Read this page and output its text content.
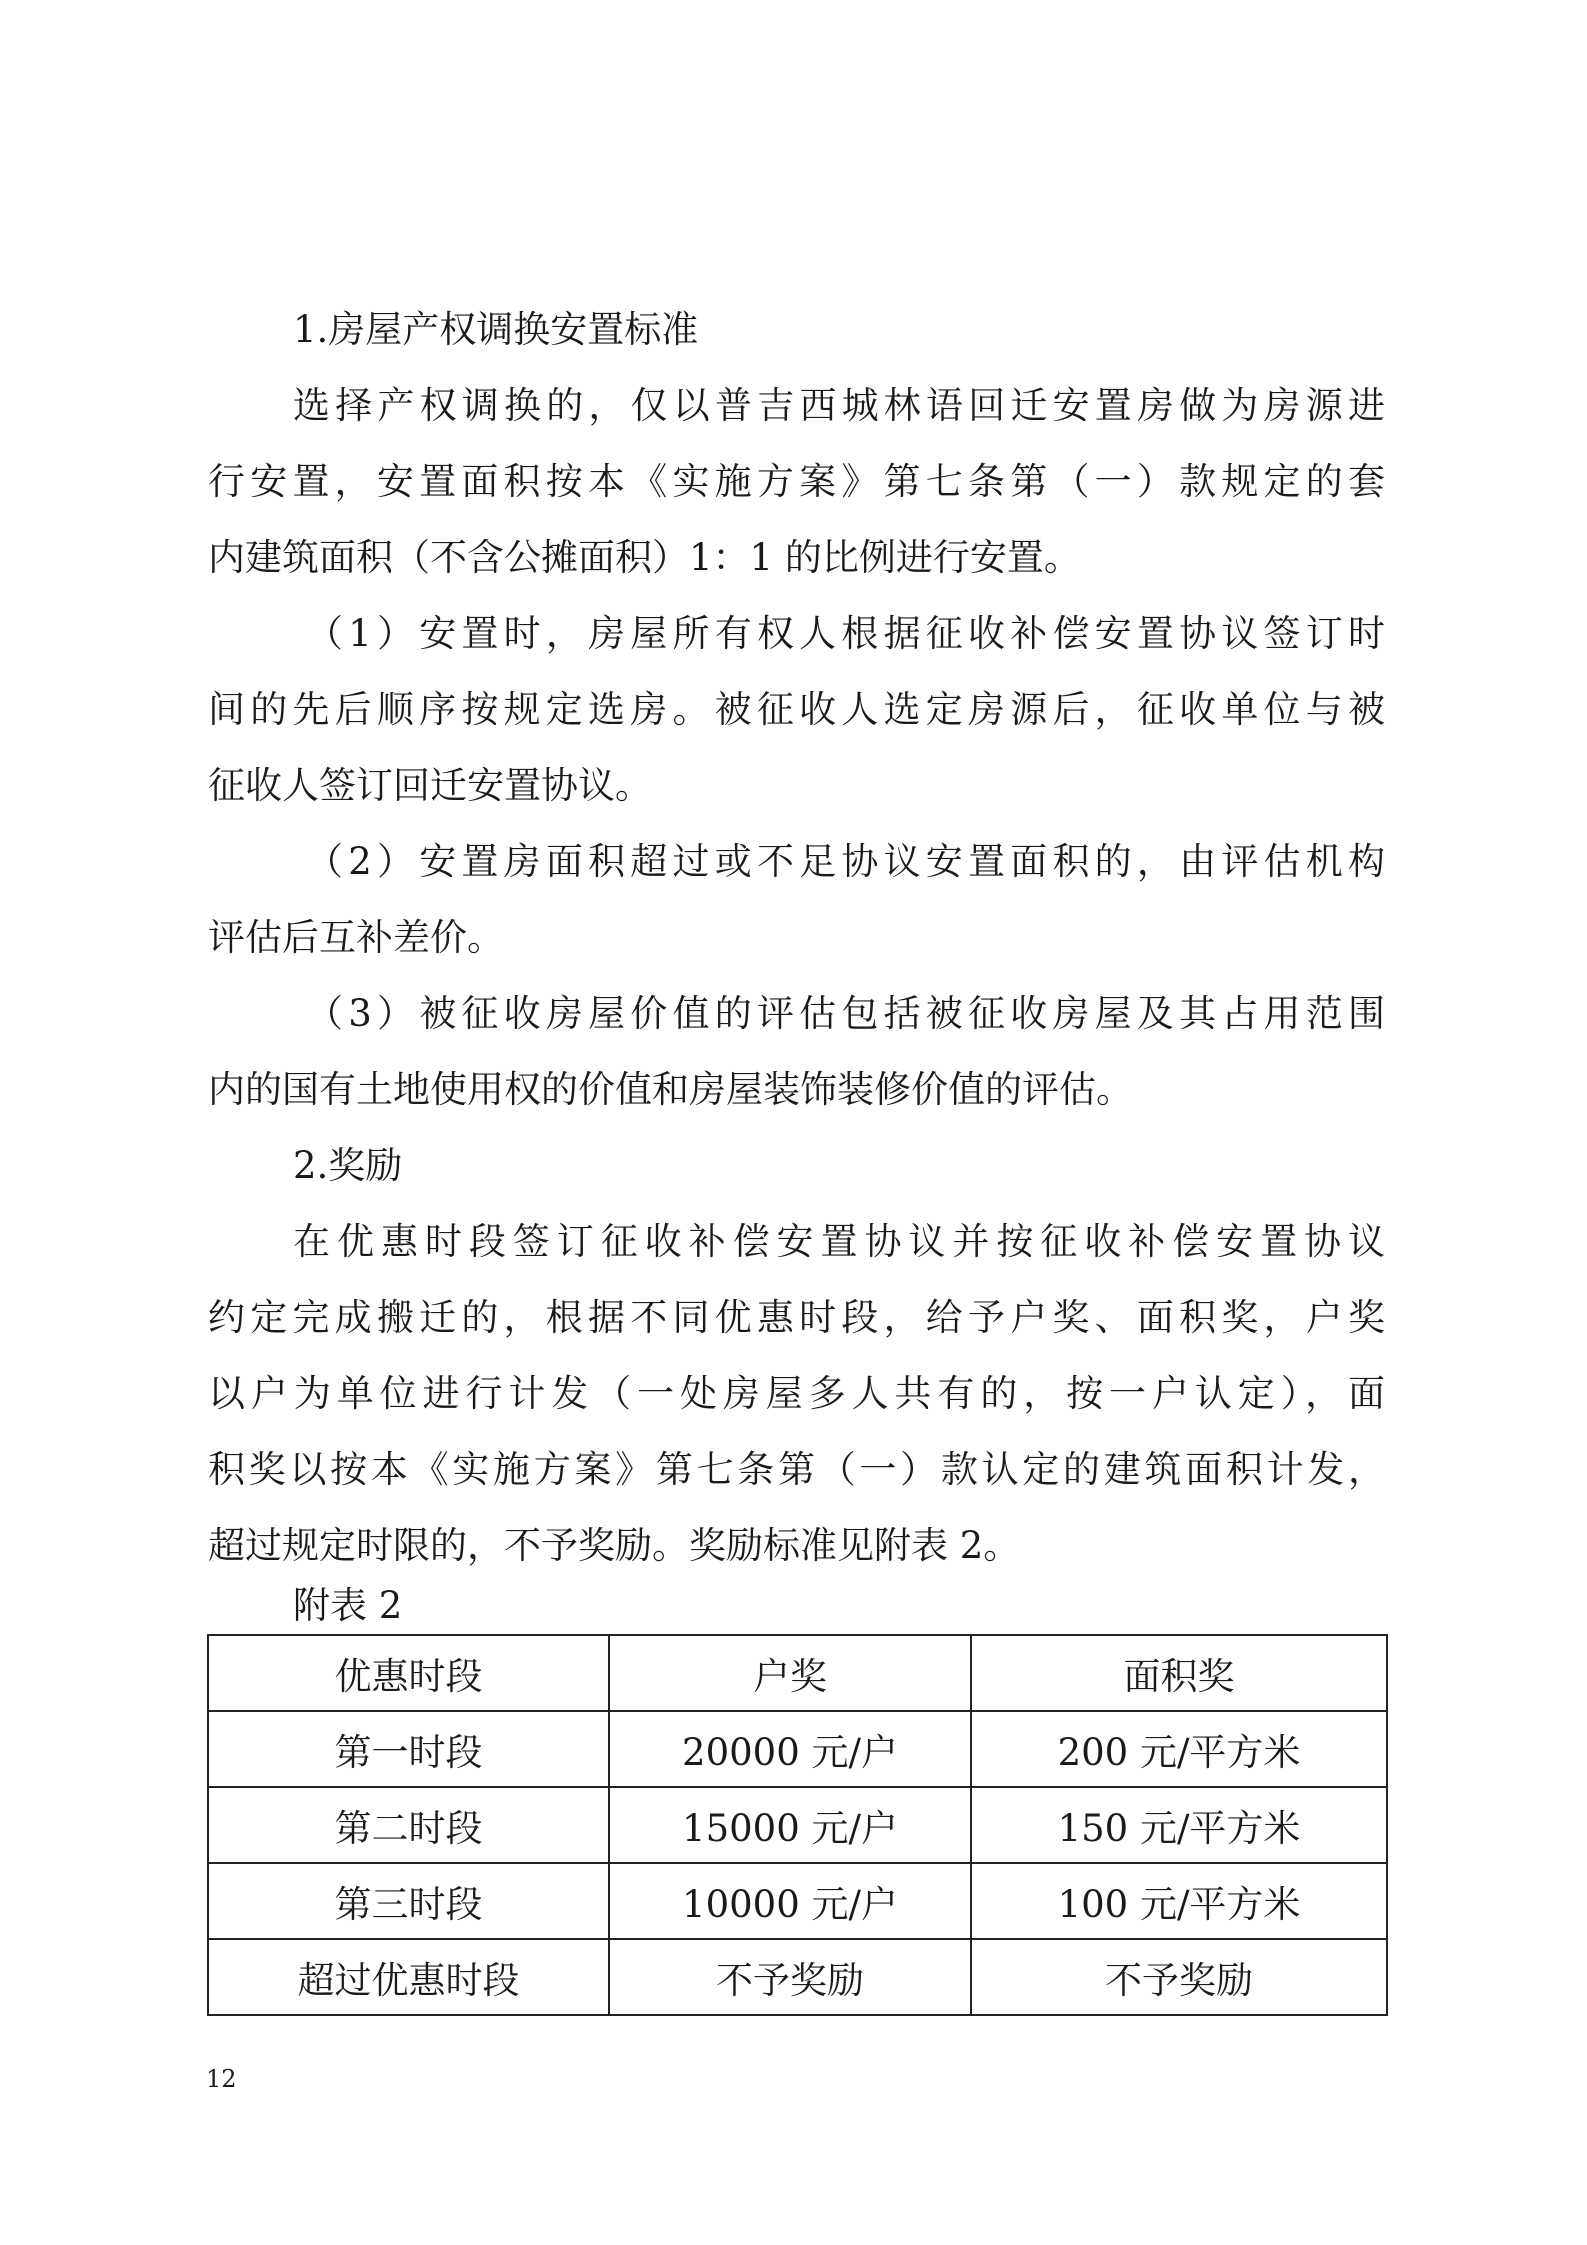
1.房屋产权调换安置标准
选择产权调换的，仅以普吉西城林语回迁安置房做为房源进
行安置，安置面积按本《实施方案》第七条第（一）款规定的套
内建筑面积（不含公摊面积）1：1 的比例进行安置。
（1）安置时，房屋所有权人根据征收补偿安置协议签订时
间的先后顺序按规定选房。被征收人选定房源后，征收单位与被
征收人签订回迁安置协议。
（2）安置房面积超过或不足协议安置面积的，由评估机构
评估后互补差价。
（3）被征收房屋价值的评估包括被征收房屋及其占用范围
内的国有土地使用权的价值和房屋装饰装修价值的评估。
2.奖励
在优惠时段签订征收补偿安置协议并按征收补偿安置协议
约定完成搬迁的，根据不同优惠时段，给予户奖、面积奖，户奖
以户为单位进行计发（一处房屋多人共有的，按一户认定），面
积奖以按本《实施方案》第七条第（一）款认定的建筑面积计发，
超过规定时限的，不予奖励。奖励标准见附表 2。
附表 2
优惠时段	户奖	面积奖
第一时段	20000 元/户	200 元/平方米
第二时段	15000 元/户	150 元/平方米
第三时段	10000 元/户	100 元/平方米
超过优惠时段	不予奖励	不予奖励
12
